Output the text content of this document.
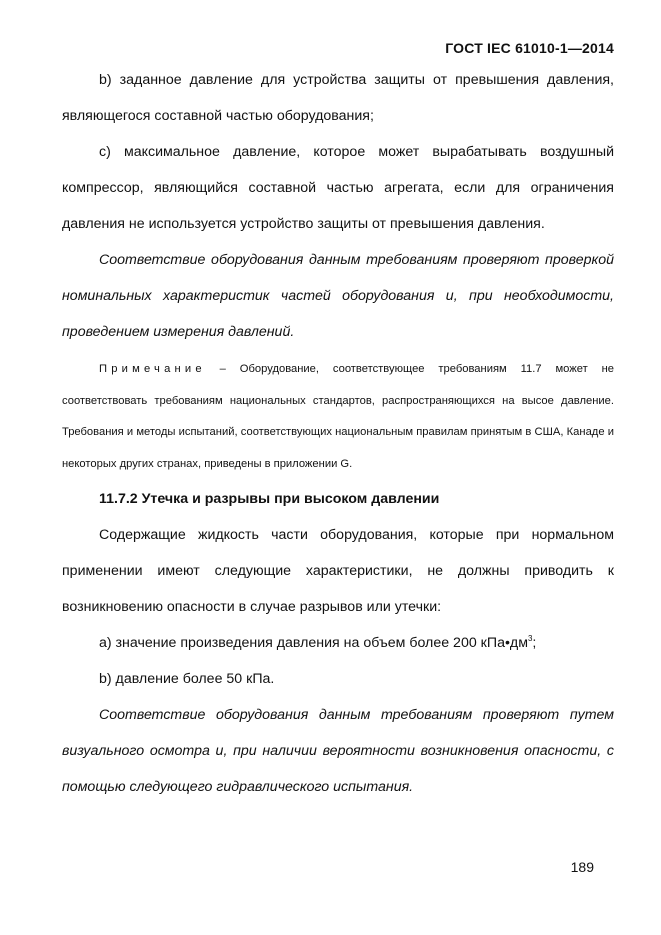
ГОСТ IEC 61010-1—2014

b) заданное давление для устройства защиты от превышения давления, являющегося составной частью оборудования;

с) максимальное давление, которое может вырабатывать воздушный компрессор, являющийся составной частью агрегата, если для ограничения давления не используется устройство защиты от превышения давления.

Соответствие оборудования данным требованиям проверяют проверкой номинальных характеристик частей оборудования и, при необходимости, проведением измерения давлений.

Примечание – Оборудование, соответствующее требованиям 11.7 может не соответствовать требованиям национальных стандартов, распространяющихся на высое давление. Требования и методы испытаний, соответствующих национальным правилам принятым в США, Канаде и некоторых других странах, приведены в приложении G.

11.7.2 Утечка и разрывы при высоком давлении

Содержащие жидкость части оборудования, которые при нормальном применении имеют следующие характеристики, не должны приводить к возникновению опасности в случае разрывов или утечки:

а) значение произведения давления на объем более 200 $кПа•дм^3$;

b) давление более 50 кПа.

Соответствие оборудования данным требованиям проверяют путем визуального осмотра и, при наличии вероятности возникновения опасности, с помощью следующего гидравлического испытания.

189
